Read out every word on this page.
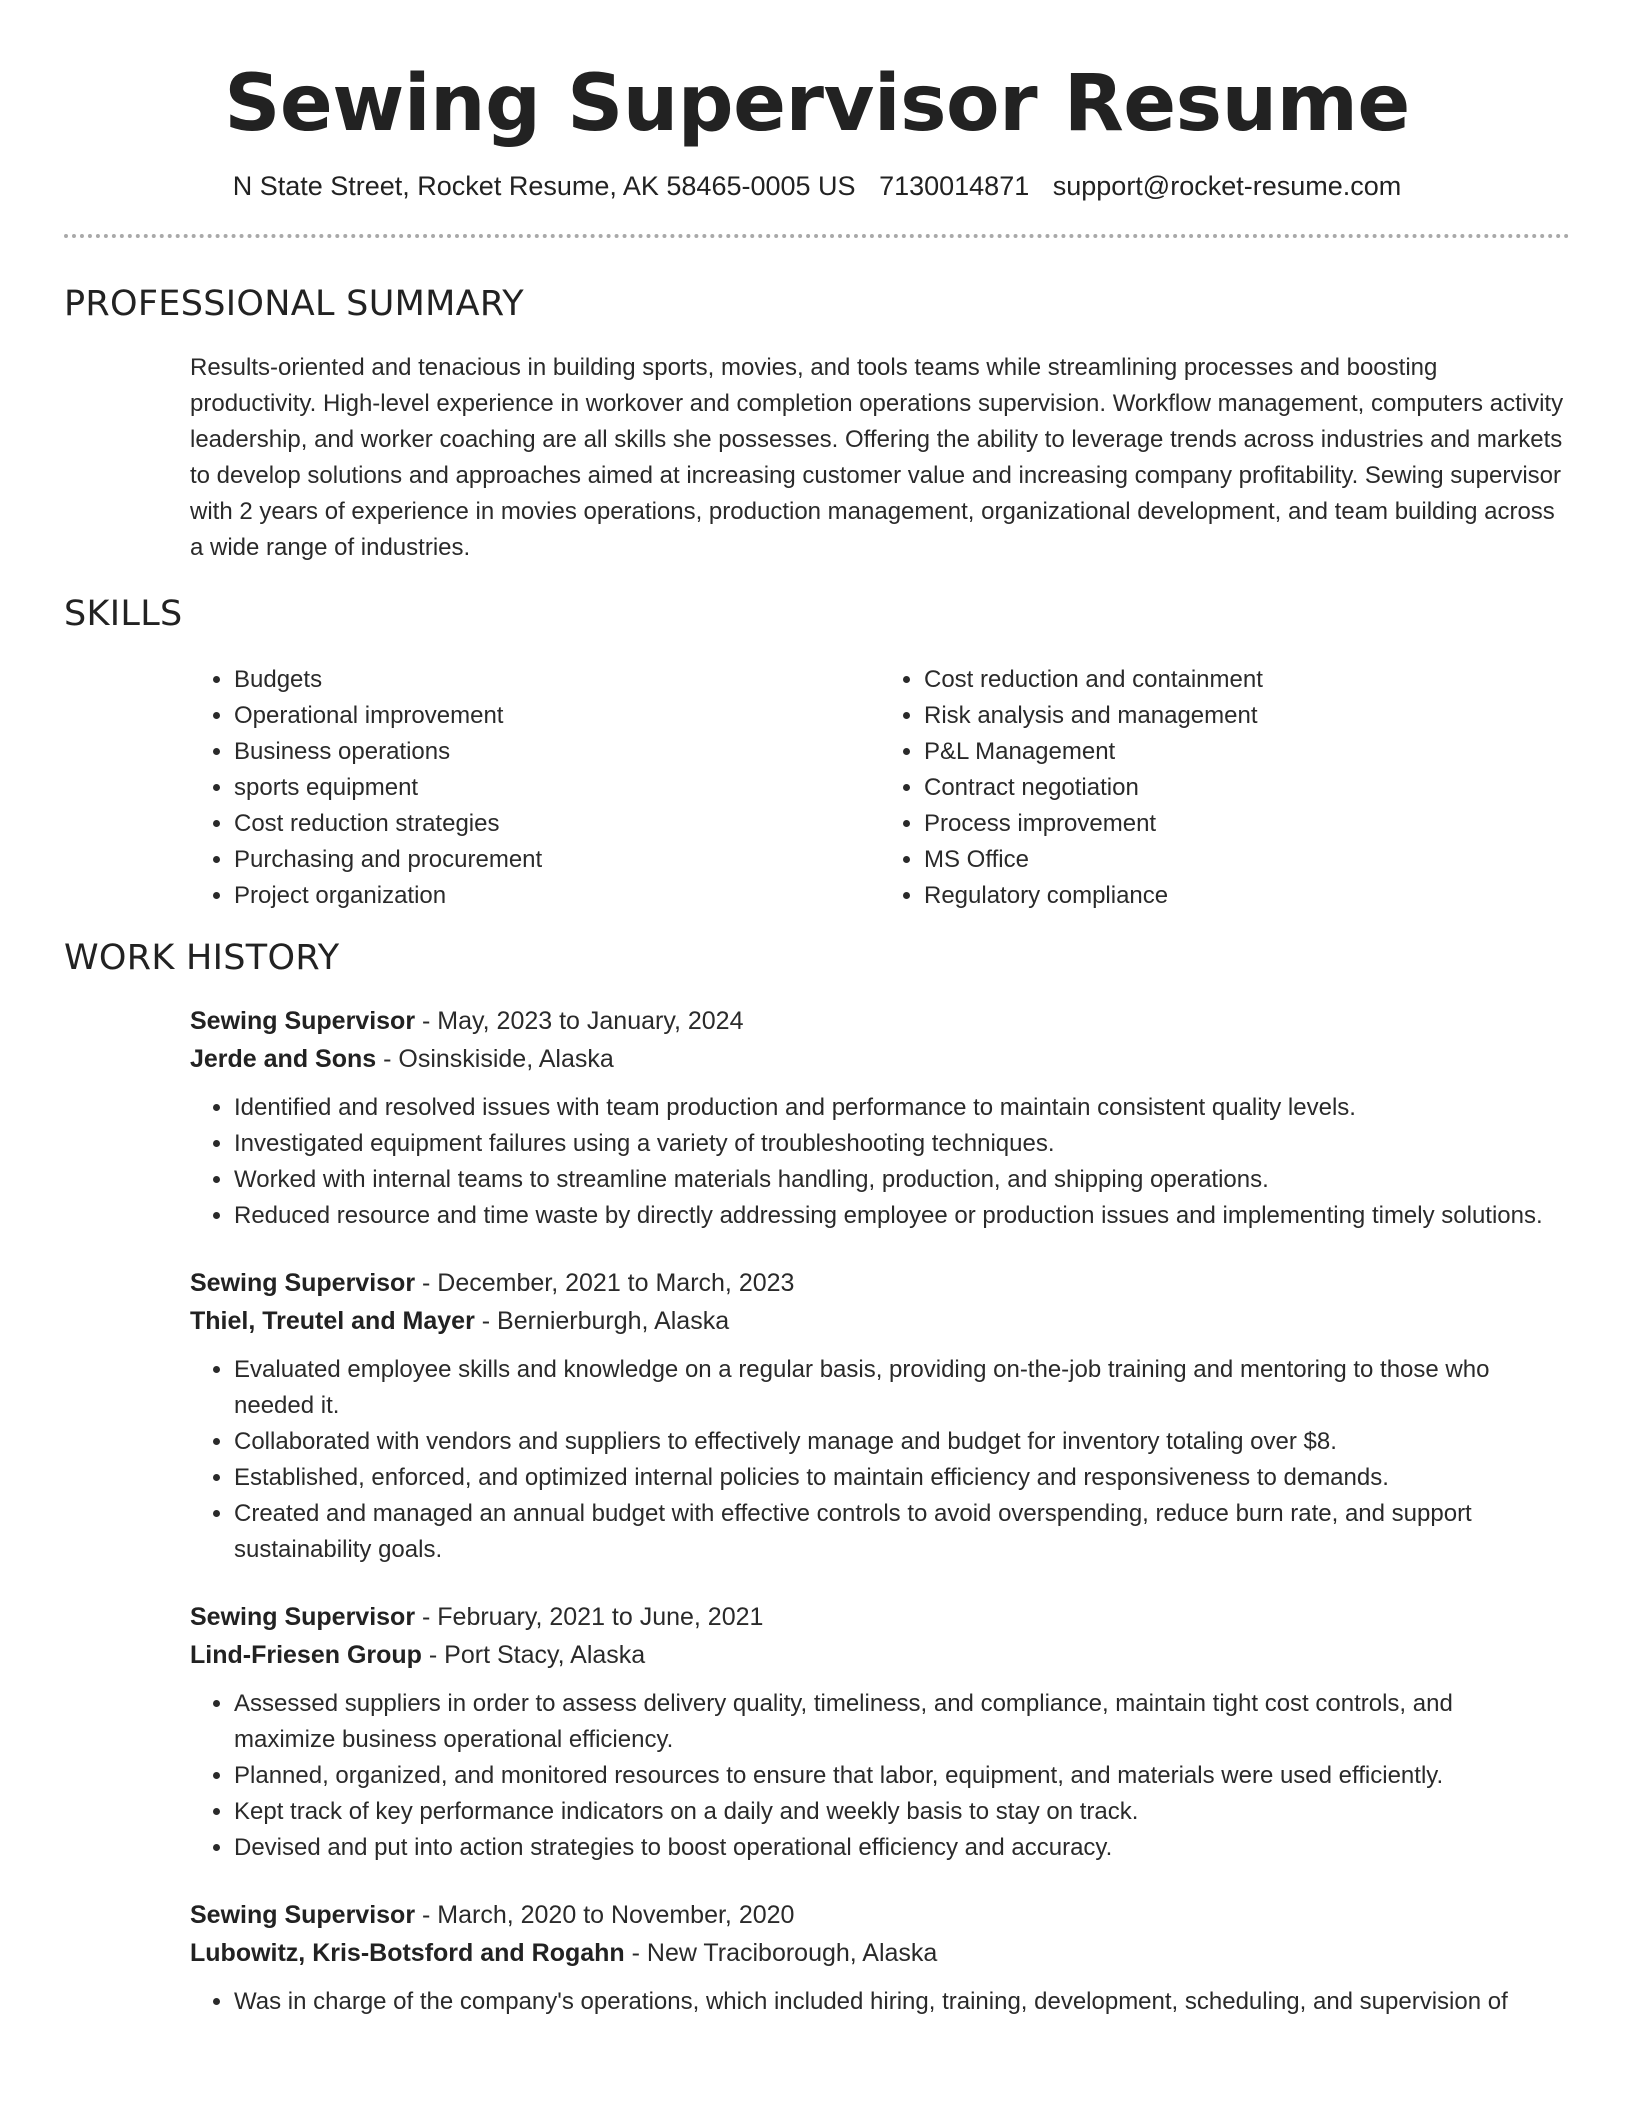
Sewing Supervisor Resume
N State Street, Rocket Resume, AK 58465-0005 US 7130014871 support@rocket-resume.com
PROFESSIONAL SUMMARY
Results-oriented and tenacious in building sports, movies, and tools teams while streamlining processes and boosting productivity. High-level experience in workover and completion operations supervision. Workflow management, computers activity leadership, and worker coaching are all skills she possesses. Offering the ability to leverage trends across industries and markets to develop solutions and approaches aimed at increasing customer value and increasing company profitability. Sewing supervisor with 2 years of experience in movies operations, production management, organizational development, and team building across a wide range of industries.
SKILLS
• Budgets
• Operational improvement
• Business operations
• sports equipment
• Cost reduction strategies
• Purchasing and procurement
• Project organization
• Cost reduction and containment
• Risk analysis and management
• P&L Management
• Contract negotiation
• Process improvement
• MS Office
• Regulatory compliance
WORK HISTORY
Sewing Supervisor - May, 2023 to January, 2024
Jerde and Sons - Osinskiside, Alaska
• Identified and resolved issues with team production and performance to maintain consistent quality levels.
• Investigated equipment failures using a variety of troubleshooting techniques.
• Worked with internal teams to streamline materials handling, production, and shipping operations.
• Reduced resource and time waste by directly addressing employee or production issues and implementing timely solutions.
Sewing Supervisor - December, 2021 to March, 2023
Thiel, Treutel and Mayer - Bernierburgh, Alaska
• Evaluated employee skills and knowledge on a regular basis, providing on-the-job training and mentoring to those who needed it.
• Collaborated with vendors and suppliers to effectively manage and budget for inventory totaling over $8.
• Established, enforced, and optimized internal policies to maintain efficiency and responsiveness to demands.
• Created and managed an annual budget with effective controls to avoid overspending, reduce burn rate, and support sustainability goals.
Sewing Supervisor - February, 2021 to June, 2021
Lind-Friesen Group - Port Stacy, Alaska
• Assessed suppliers in order to assess delivery quality, timeliness, and compliance, maintain tight cost controls, and maximize business operational efficiency.
• Planned, organized, and monitored resources to ensure that labor, equipment, and materials were used efficiently.
• Kept track of key performance indicators on a daily and weekly basis to stay on track.
• Devised and put into action strategies to boost operational efficiency and accuracy.
Sewing Supervisor - March, 2020 to November, 2020
Lubowitz, Kris-Botsford and Rogahn - New Traciborough, Alaska
• Was in charge of the company's operations, which included hiring, training, development, scheduling, and supervision of
